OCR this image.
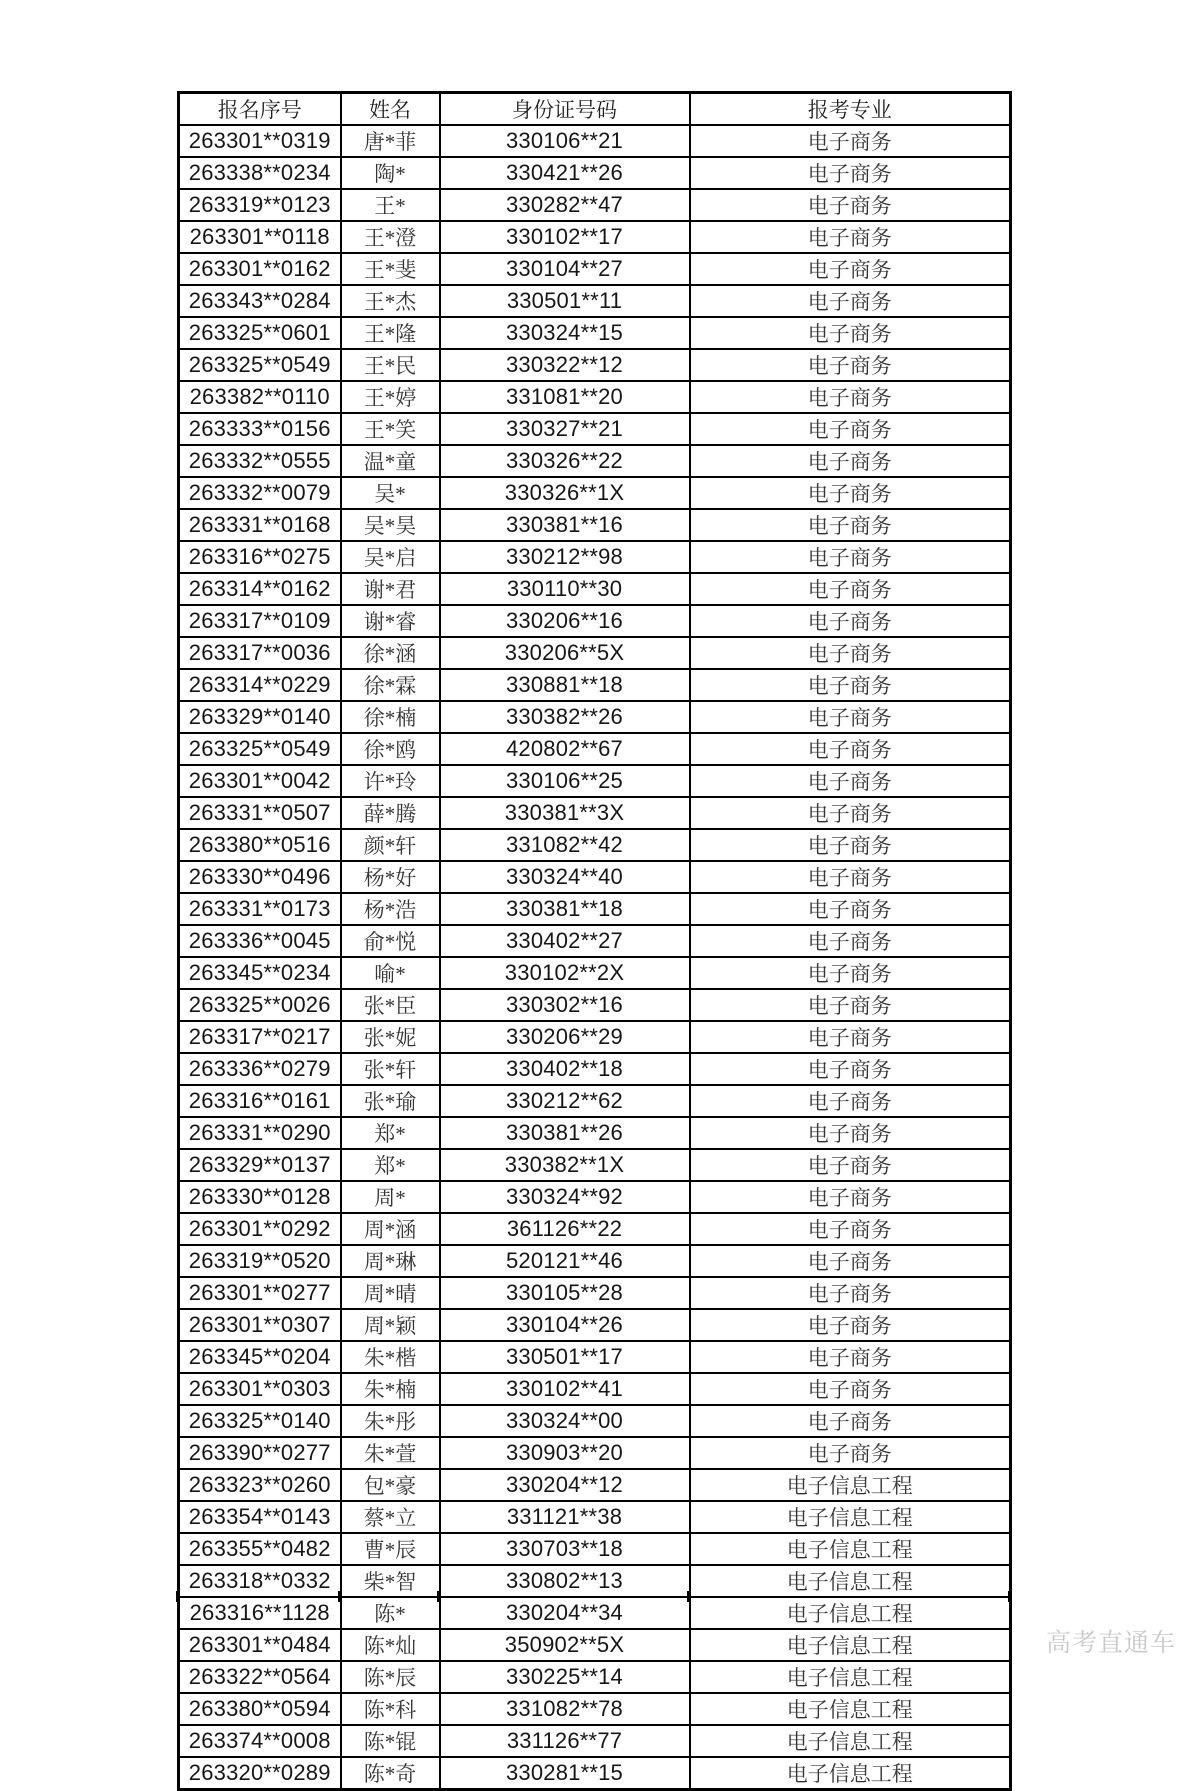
报名序号	姓名	身份证号码	报考专业
263301**0319	唐*菲	330106**21	电子商务
263338**0234	陶*	330421**26	电子商务
263319**0123	王*	330282**47	电子商务
263301**0118	王*澄	330102**17	电子商务
263301**0162	王*斐	330104**27	电子商务
263343**0284	王*杰	330501**11	电子商务
263325**0601	王*隆	330324**15	电子商务
263325**0549	王*民	330322**12	电子商务
263382**0110	王*婷	331081**20	电子商务
263333**0156	王*笑	330327**21	电子商务
263332**0555	温*童	330326**22	电子商务
263332**0079	吴*	330326**1X	电子商务
263331**0168	吴*昊	330381**16	电子商务
263316**0275	吴*启	330212**98	电子商务
263314**0162	谢*君	330110**30	电子商务
263317**0109	谢*睿	330206**16	电子商务
263317**0036	徐*涵	330206**5X	电子商务
263314**0229	徐*霖	330881**18	电子商务
263329**0140	徐*楠	330382**26	电子商务
263325**0549	徐*鸥	420802**67	电子商务
263301**0042	许*玲	330106**25	电子商务
263331**0507	薛*腾	330381**3X	电子商务
263380**0516	颜*轩	331082**42	电子商务
263330**0496	杨*好	330324**40	电子商务
263331**0173	杨*浩	330381**18	电子商务
263336**0045	俞*悦	330402**27	电子商务
263345**0234	喻*	330102**2X	电子商务
263325**0026	张*臣	330302**16	电子商务
263317**0217	张*妮	330206**29	电子商务
263336**0279	张*轩	330402**18	电子商务
263316**0161	张*瑜	330212**62	电子商务
263331**0290	郑*	330381**26	电子商务
263329**0137	郑*	330382**1X	电子商务
263330**0128	周*	330324**92	电子商务
263301**0292	周*涵	361126**22	电子商务
263319**0520	周*琳	520121**46	电子商务
263301**0277	周*晴	330105**28	电子商务
263301**0307	周*颖	330104**26	电子商务
263345**0204	朱*楷	330501**17	电子商务
263301**0303	朱*楠	330102**41	电子商务
263325**0140	朱*彤	330324**00	电子商务
263390**0277	朱*萱	330903**20	电子商务
263323**0260	包*豪	330204**12	电子信息工程
263354**0143	蔡*立	331121**38	电子信息工程
263355**0482	曹*辰	330703**18	电子信息工程
263318**0332	柴*智	330802**13	电子信息工程
263316**1128	陈*	330204**34	电子信息工程
263301**0484	陈*灿	350902**5X	电子信息工程
263322**0564	陈*辰	330225**14	电子信息工程
263380**0594	陈*科	331082**78	电子信息工程
263374**0008	陈*锟	331126**77	电子信息工程
263320**0289	陈*奇	330281**15	电子信息工程
高考直通车
